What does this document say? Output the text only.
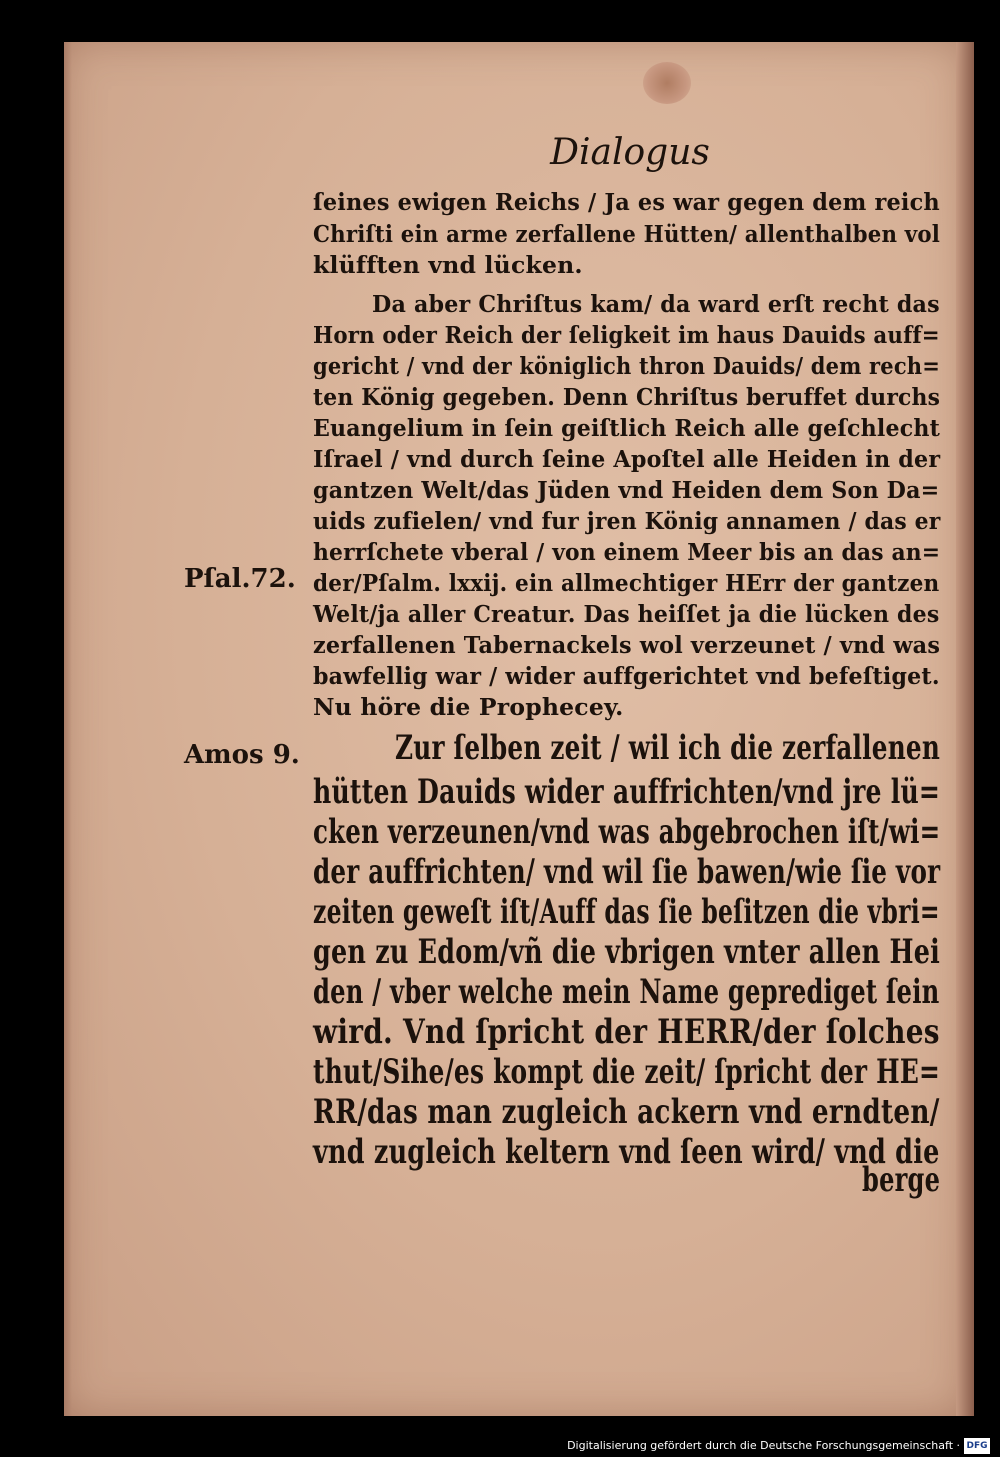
Dialogus
ſeines ewigen Reichs / Ja es war gegen dem reich
Chriſti ein arme zerfallene Hütten/ allenthalben vol
klüfften vnd lücken.
Da aber Chriſtus kam/ da ward erſt recht das
Horn oder Reich der ſeligkeit im haus Dauids auff=
gericht / vnd der königlich thron Dauids/ dem rech=
ten König gegeben. Denn Chriſtus beruffet durchs
Euangelium in ſein geiſtlich Reich alle geſchlecht
Iſrael / vnd durch ſeine Apoſtel alle Heiden in der
gantzen Welt/das Jüden vnd Heiden dem Son Da=
uids zufielen/ vnd fur jren König annamen / das er
herrſchete vberal / von einem Meer bis an das an=
der/Pſalm. lxxij. ein allmechtiger HErr der gantzen
Welt/ja aller Creatur. Das heiſſet ja die lücken des
zerfallenen Tabernackels wol verzeunet / vnd was
bawfellig war / wider auffgerichtet vnd befeſtiget.
Nu höre die Prophecey.
Pſal.72.
Amos 9.	Zur ſelben zeit / wil ich die zerfallenen
hütten Dauids wider auffrichten/vnd jre lü=
cken verzeunen/vnd was abgebrochen iſt/wi=
der auffrichten/ vnd wil ſie bawen/wie ſie vor
zeiten geweſt iſt/Auff das ſie beſitzen die vbri=
gen zu Edom/vñ die vbrigen vnter allen Hei
den / vber welche mein Name geprediget ſein
wird. Vnd ſpricht der HERR/der ſolches
thut/Sihe/es kompt die zeit/ ſpricht der HE=
RR/das man zugleich ackern vnd erndten/
vnd zugleich keltern vnd ſeen wird/ vnd die
berge
Digitalisierung gefördert durch die Deutsche Forschungsgemeinschaft · DFG
